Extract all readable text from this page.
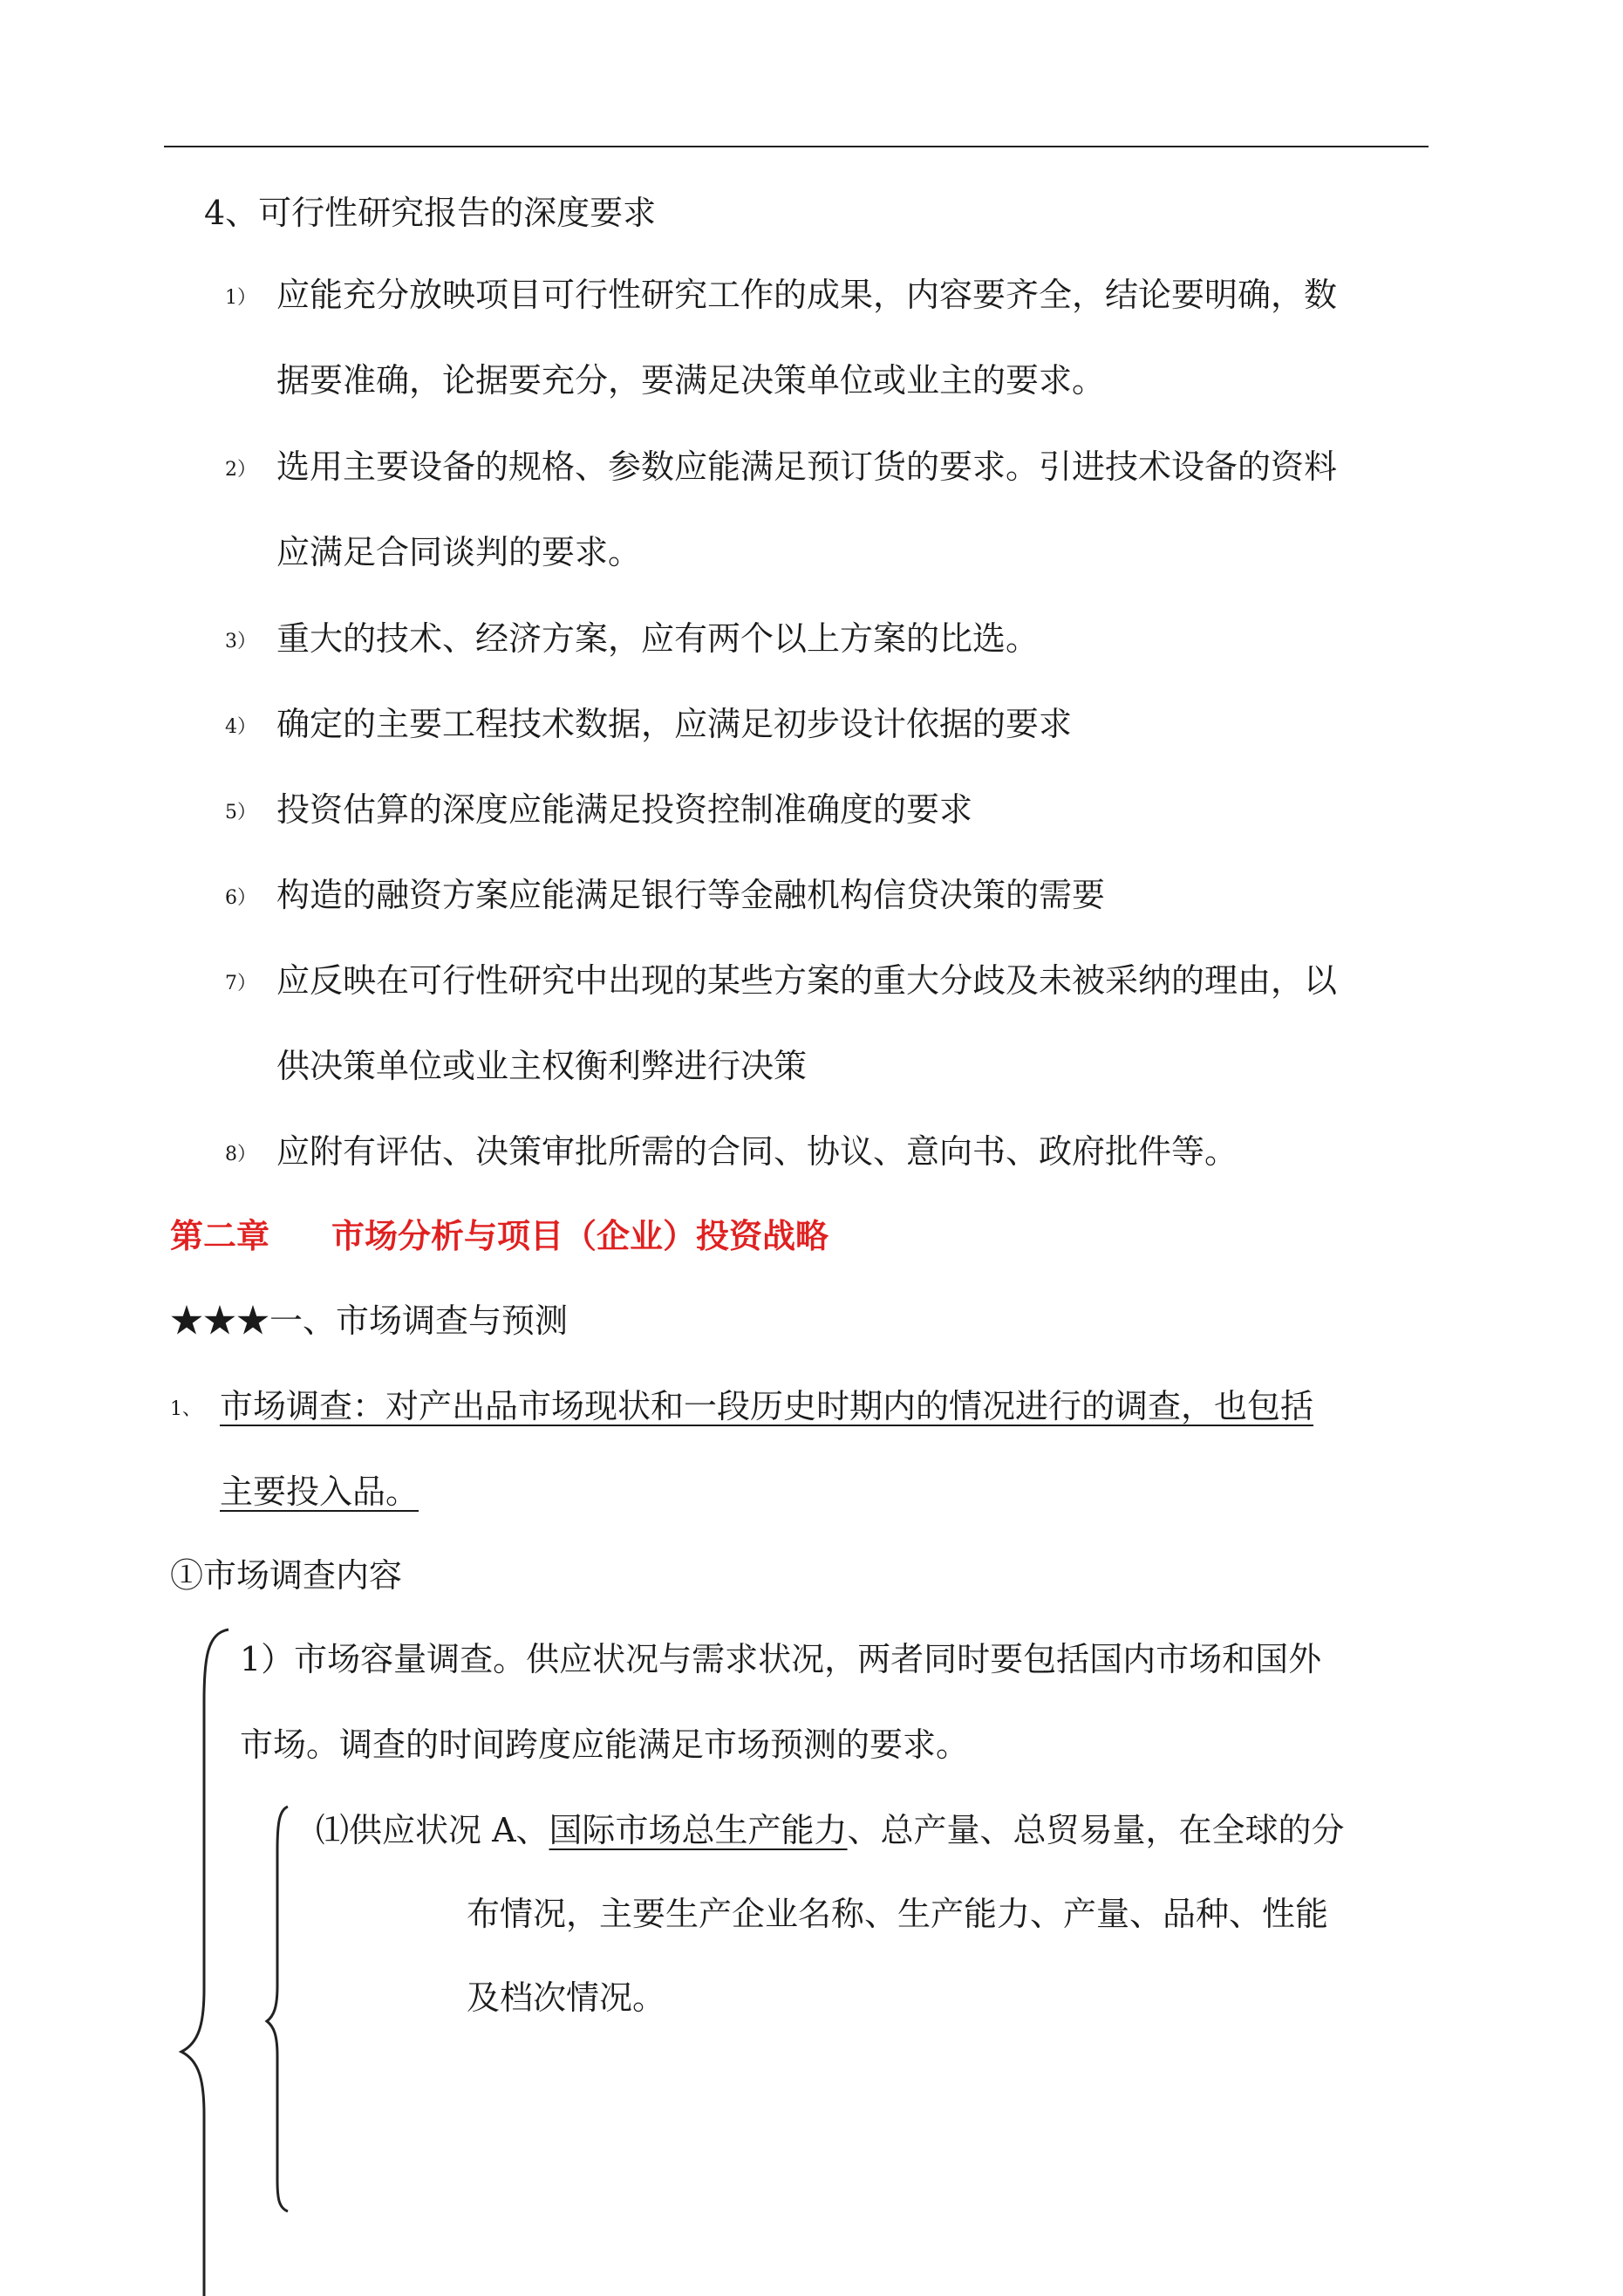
4、可行性研究报告的深度要求
1） 应能充分放映项目可行性研究工作的成果，内容要齐全，结论要明确，数
据要准确，论据要充分，要满足决策单位或业主的要求。
2） 选用主要设备的规格、参数应能满足预订货的要求。引进技术设备的资料
应满足合同谈判的要求。
3） 重大的技术、经济方案，应有两个以上方案的比选。
4） 确定的主要工程技术数据，应满足初步设计依据的要求
5） 投资估算的深度应能满足投资控制准确度的要求
6） 构造的融资方案应能满足银行等金融机构信贷决策的需要
7） 应反映在可行性研究中出现的某些方案的重大分歧及未被采纳的理由，以
供决策单位或业主权衡利弊进行决策
8） 应附有评估、决策审批所需的合同、协议、意向书、政府批件等。
第二章 市场分析与项目（企业）投资战略
★★★一、市场调查与预测
1、 市场调查：对产出品市场现状和一段历史时期内的情况进行的调查，也包括
主要投入品。
①市场调查内容
1）市场容量调查。供应状况与需求状况，两者同时要包括国内市场和国外
市场。调查的时间跨度应能满足市场预测的要求。
⑴供应状况 A、国际市场总生产能力、总产量、总贸易量，在全球的分
布情况，主要生产企业名称、生产能力、产量、品种、性能
及档次情况。
